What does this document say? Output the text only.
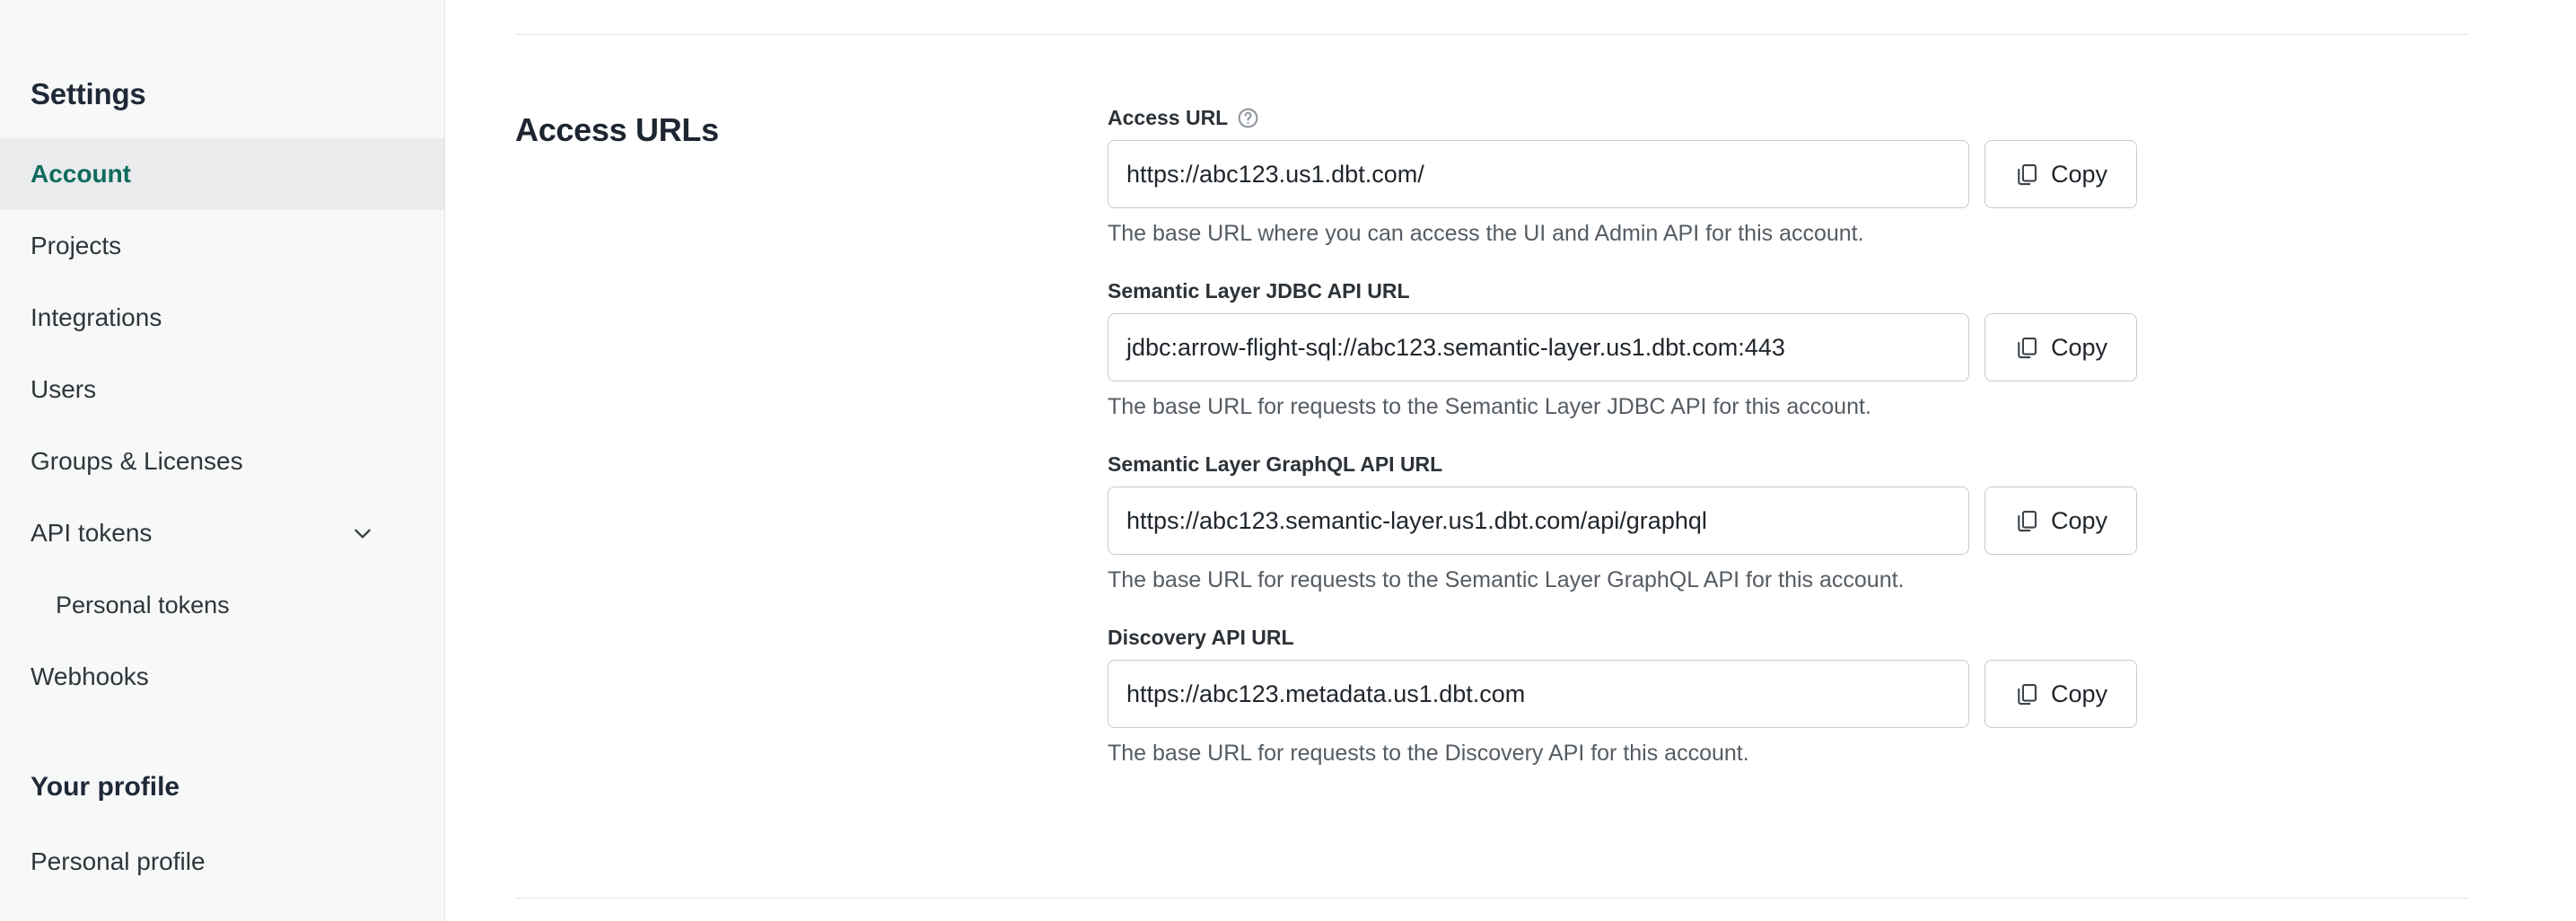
Settings
Account
Projects
Integrations
Users
Groups & Licenses
API tokens
Personal tokens
Webhooks
Your profile
Personal profile
Access URLs	Access URL
https://abc123.us1.dbt.com/	Copy
The base URL where you can access the UI and Admin API for this account.
Semantic Layer JDBC API URL
jdbc:arrow-flight-sql://abc123.semantic-layer.us1.dbt.com:443	Copy
The base URL for requests to the Semantic Layer JDBC API for this account.
Semantic Layer GraphQL API URL
https://abc123.semantic-layer.us1.dbt.com/api/graphql	Copy
The base URL for requests to the Semantic Layer GraphQL API for this account.
Discovery API URL
https://abc123.metadata.us1.dbt.com	Copy
The base URL for requests to the Discovery API for this account.
